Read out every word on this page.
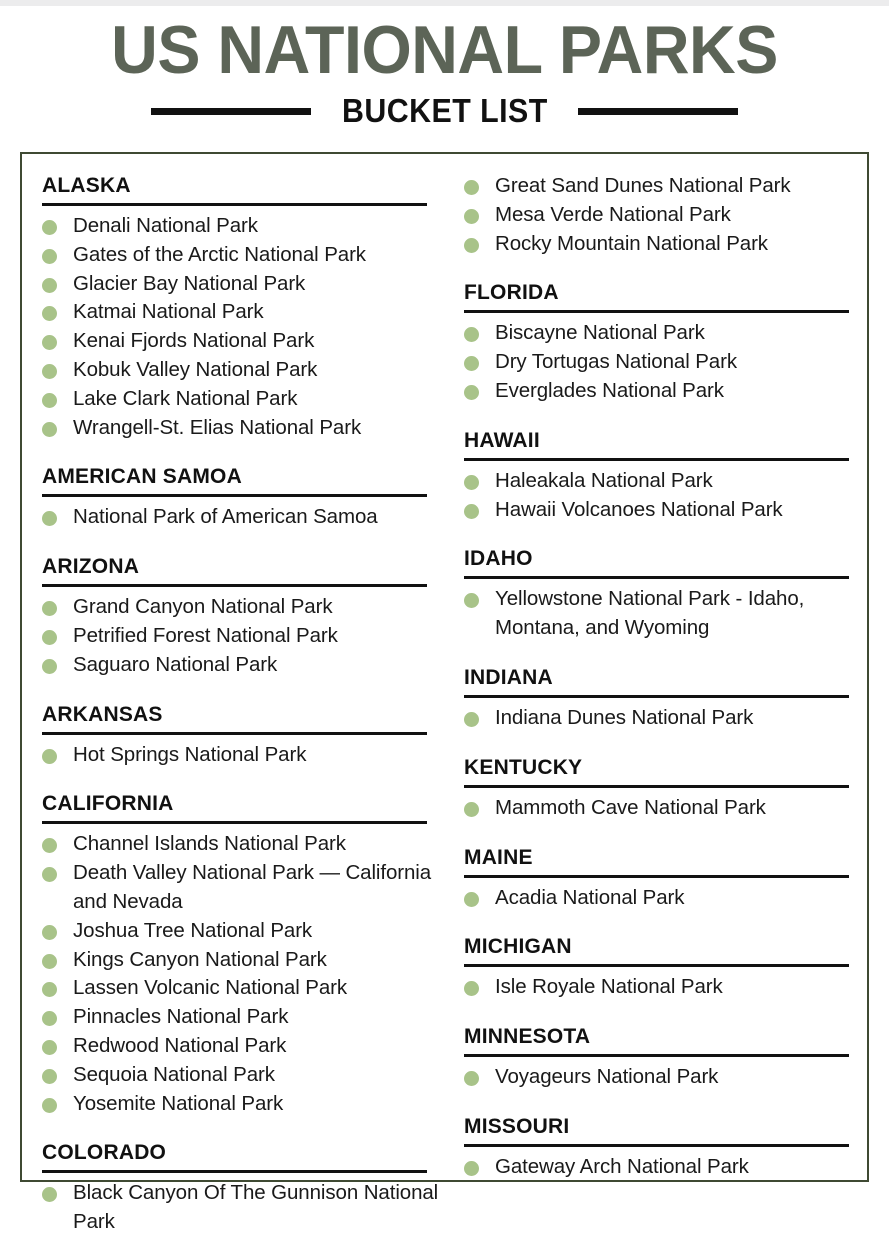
US NATIONAL PARKS
BUCKET LIST
ALASKA
Denali National Park
Gates of the Arctic National Park
Glacier Bay National Park
Katmai National Park
Kenai Fjords National Park
Kobuk Valley National Park
Lake Clark National Park
Wrangell-St. Elias National Park
AMERICAN SAMOA
National Park of American Samoa
ARIZONA
Grand Canyon National Park
Petrified Forest National Park
Saguaro National Park
ARKANSAS
Hot Springs National Park
CALIFORNIA
Channel Islands National Park
Death Valley National Park — California and Nevada
Joshua Tree National Park
Kings Canyon National Park
Lassen Volcanic National Park
Pinnacles National Park
Redwood National Park
Sequoia National Park
Yosemite National Park
COLORADO
Black Canyon Of The Gunnison National Park
Great Sand Dunes National Park
Mesa Verde National Park
Rocky Mountain National Park
FLORIDA
Biscayne National Park
Dry Tortugas National Park
Everglades National Park
HAWAII
Haleakala National Park
Hawaii Volcanoes National Park
IDAHO
Yellowstone National Park - Idaho, Montana, and Wyoming
INDIANA
Indiana Dunes National Park
KENTUCKY
Mammoth Cave National Park
MAINE
Acadia National Park
MICHIGAN
Isle Royale National Park
MINNESOTA
Voyageurs National Park
MISSOURI
Gateway Arch National Park
